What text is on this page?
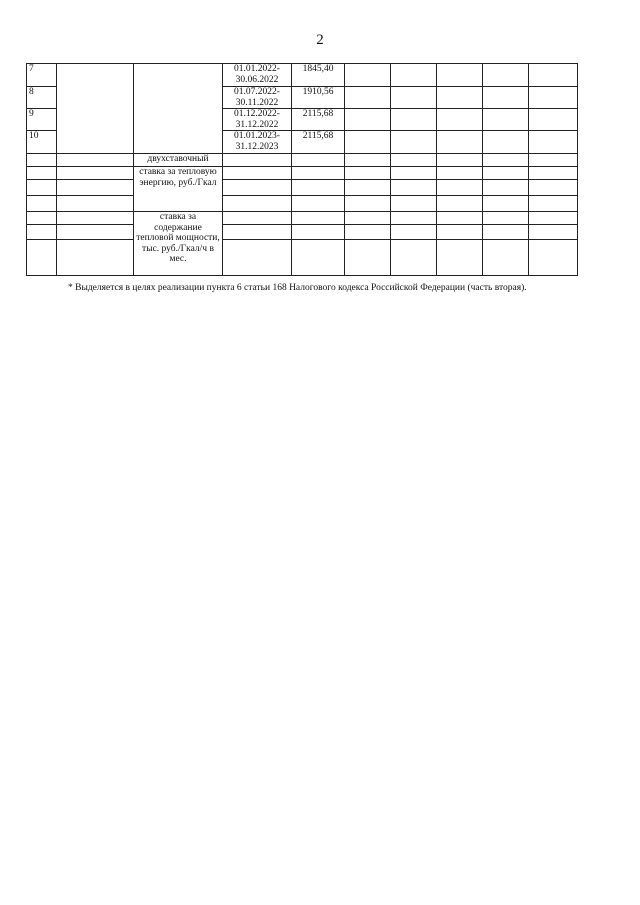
2
7			01.01.2022-30.06.2022	1845,40					
8			01.07.2022-30.11.2022	1910,56					
9			01.12.2022-31.12.2022	2115,68					
10			01.01.2023-31.12.2023	2115,68					
		двухставочный							
		ставка за тепловую энергию, руб./Гкал							

		ставка за содержание тепловой мощности, тыс. руб./Гкал/ч в мес.							

* Выделяется в целях реализации пункта 6 статьи 168 Налогового кодекса Российской Федерации (часть вторая).
